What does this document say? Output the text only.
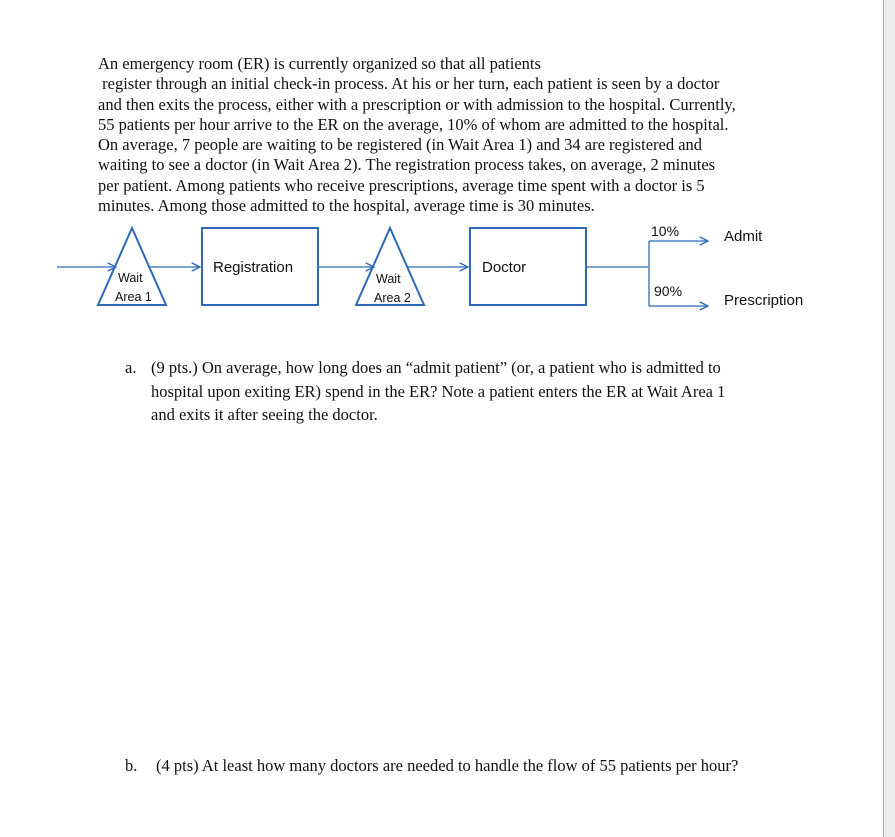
An emergency room (ER) is currently organized so that all patients
register through an initial check-in process. At his or her turn, each patient is seen by a doctor
and then exits the process, either with a prescription or with admission to the hospital. Currently,
55 patients per hour arrive to the ER on the average, 10% of whom are admitted to the hospital.
On average, 7 people are waiting to be registered (in Wait Area 1) and 34 are registered and
waiting to see a doctor (in Wait Area 2). The registration process takes, on average, 2 minutes
per patient. Among patients who receive prescriptions, average time spent with a doctor is 5
minutes. Among those admitted to the hospital, average time is 30 minutes.
Wait
Area 1
Registration
Wait
Area 2
Doctor
10%	Admit
90%
Prescription
a. (9 pts.) On average, how long does an “admit patient” (or, a patient who is admitted to
hospital upon exiting ER) spend in the ER? Note a patient enters the ER at Wait Area 1
and exits it after seeing the doctor.
b. (4 pts) At least how many doctors are needed to handle the flow of 55 patients per hour?
